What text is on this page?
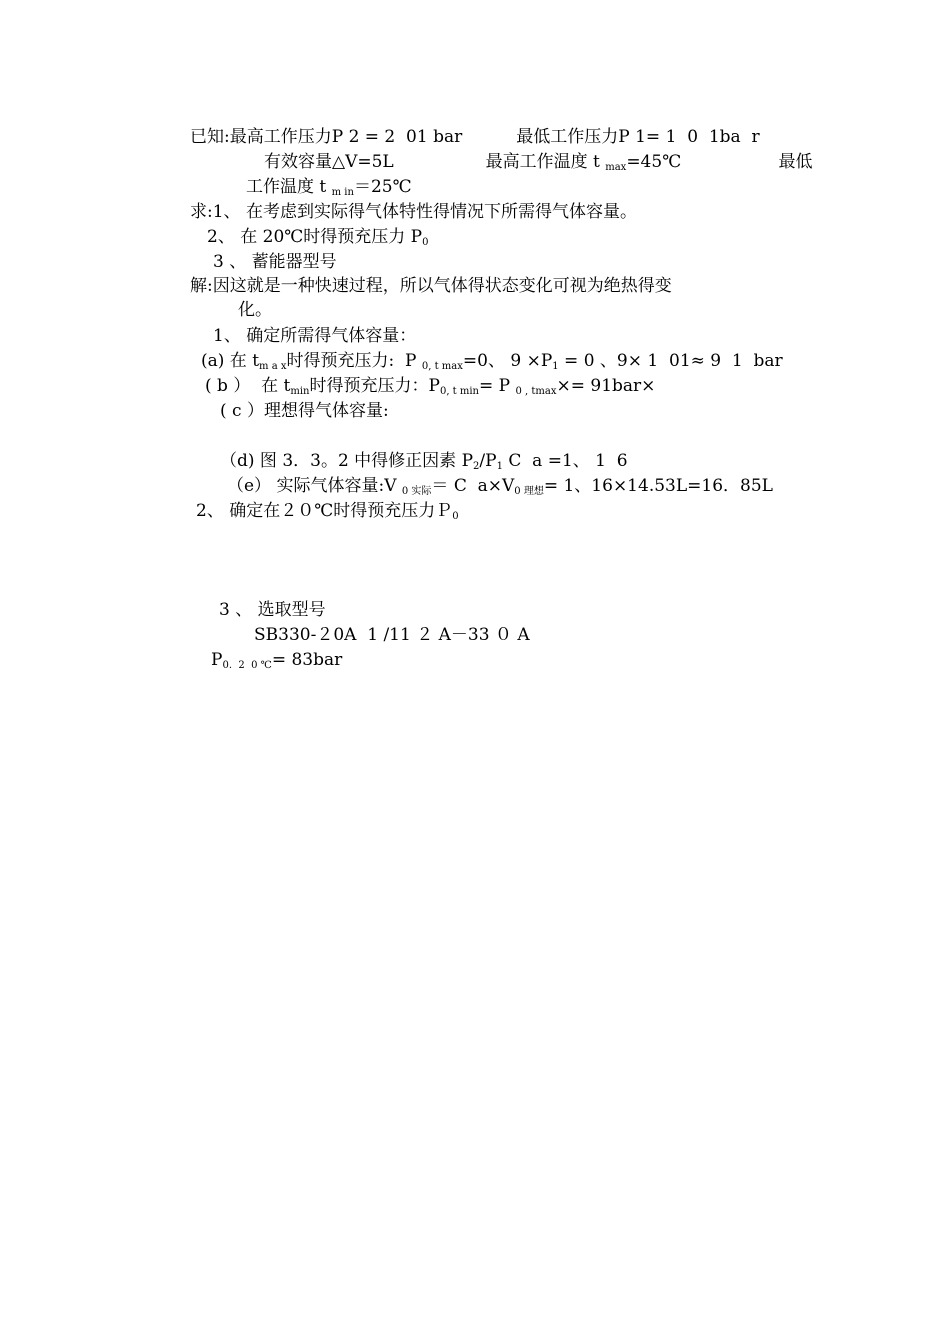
已知:最高工作压力P 2 = 2  01 bar          最低工作压力P 1= 1  0  1ba  r
有效容量△V=5L                 最高工作温度 t $_{max}$=45℃                  最低
工作温度 t $_{m in}$＝25℃
求:1、 在考虑到实际得气体特性得情况下所需得气体容量。
2、 在 20℃时得预充压力 $P_0$
3 、 蓄能器型号
解:因这就是一种快速过程，所以气体得状态变化可视为绝热得变
化。
1、 确定所需得气体容量：
(a) 在 $t_{m a x}$时得预充压力:  P $_{0, t max}$=0、 $9 \times P_1 = 0$ 、9× 1  01≈ 9  1  bar
( b ）  在 $t_{min}$时得预充压力：$P_{0, t min}= P$ $_{0 , tmax}$×= 91bar×
( c ）理想得气体容量:
（d) 图 3．3。2 中得修正因素 $P_2/P_1$ C  a =1、 1  6
（e） 实际气体容量:V $_{0 实际}$＝ C  $a\times V_{0 理想}= 1$、16×14.53L=16．85L
2、 确定在２０℃时得预充压力Ｐ$_0$
3 、 选取型号
SB330-２0A  1 /11 ２ A－33 ０ A
$P_{0. 2 0 ℃}= 83bar$
